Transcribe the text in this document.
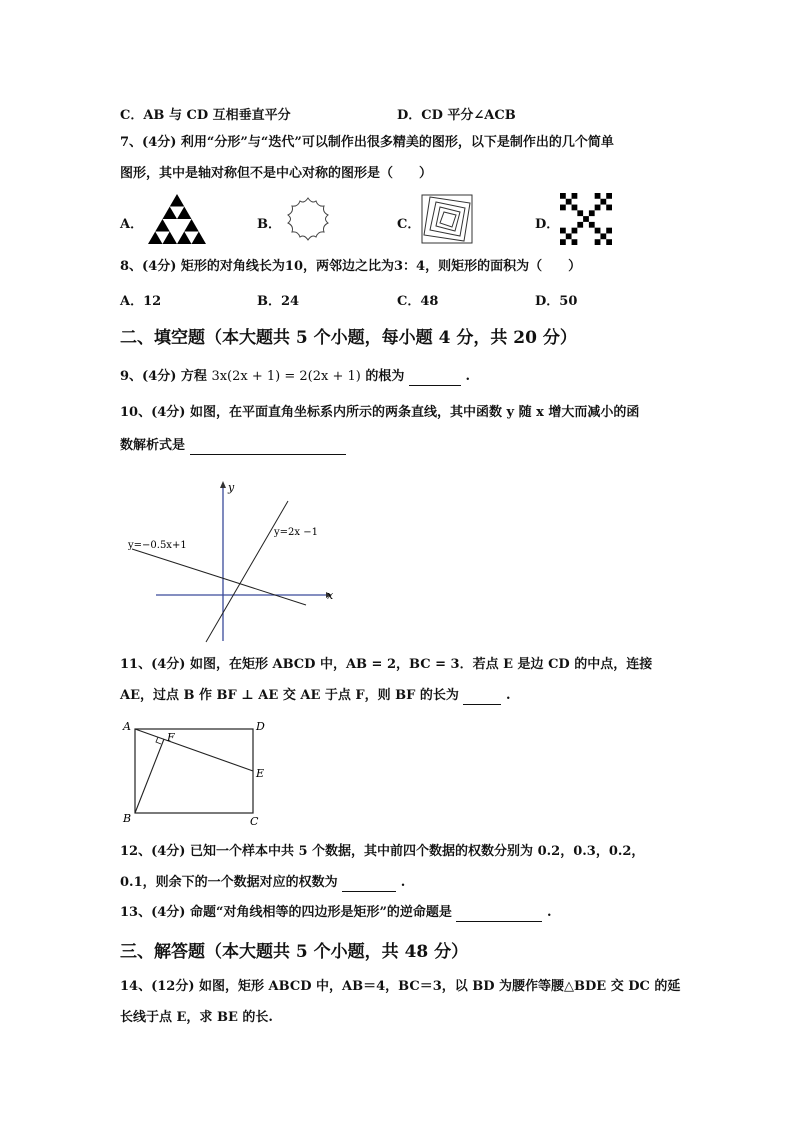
C．AB 与 CD 互相垂直平分	D．CD 平分∠ACB
7、(4分) 利用“分形”与“迭代”可以制作出很多精美的图形，以下是制作出的几个简单
图形，其中是轴对称但不是中心对称的图形是（　　）
A．	B．	C．	D．
8、(4分) 矩形的对角线长为10，两邻边之比为3：4，则矩形的面积为（　　）
A．12	B．24	C．48	D．50
二、填空题（本大题共 5 个小题，每小题 4 分，共 20 分）
9、(4分) 方程 3x(2x + 1) = 2(2x + 1) 的根为	.
10、(4分) 如图，在平面直角坐标系内所示的两条直线，其中函数 y 随 x 增大而减小的函
数解析式是
y
x
y=−0.5x+1
y=2x −1
11、(4分) 如图，在矩形 ABCD 中，AB = 2，BC = 3．若点 E 是边 CD 的中点，连接
AE，过点 B 作 BF ⊥ AE 交 AE 于点 F，则 BF 的长为	.
A	D
B	C
E
F
12、(4分) 已知一个样本中共 5 个数据，其中前四个数据的权数分别为 0.2，0.3，0.2，
0.1，则余下的一个数据对应的权数为	.
13、(4分) 命题“对角线相等的四边形是矩形”的逆命题是	.
三、解答题（本大题共 5 个小题，共 48 分）
14、(12分) 如图，矩形 ABCD 中，AB＝4，BC＝3，以 BD 为腰作等腰△BDE 交 DC 的延
长线于点 E，求 BE 的长.
